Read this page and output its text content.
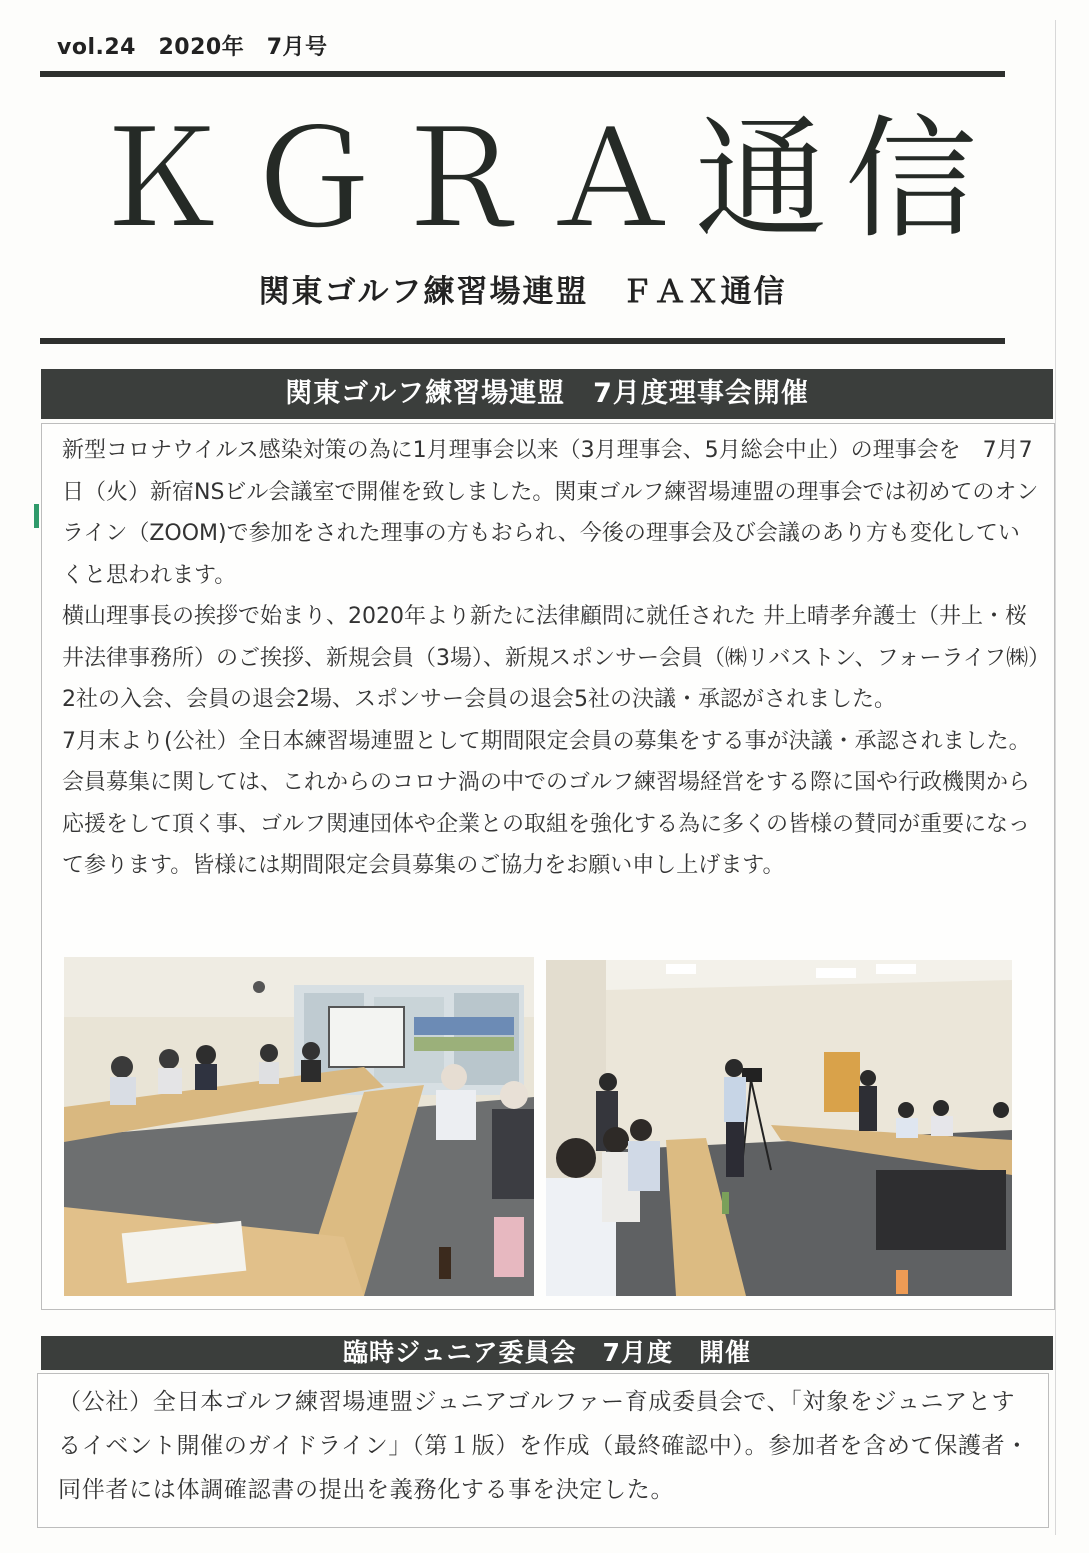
vol.24　2020年　7月号
ＫＧＲＡ通信
関東ゴルフ練習場連盟　ＦＡＸ通信
関東ゴルフ練習場連盟　7月度理事会開催

新型コロナウイルス感染対策の為に1月理事会以来（3月理事会、5月総会中止）の理事会を　7月7日（火）新宿NSビル会議室で開催を致しました。関東ゴルフ練習場連盟の理事会では初めてのオンライン（ZOOM)で参加をされた理事の方もおられ、今後の理事会及び会議のあり方も変化していくと思われます。

横山理事長の挨拶で始まり、2020年より新たに法律顧問に就任された 井上晴孝弁護士（井上・桜井法律事務所）のご挨拶、新規会員（3場）、新規スポンサー会員（㈱リバストン、フォーライフ㈱）2社の入会、会員の退会2場、スポンサー会員の退会5社の決議・承認がされました。

7月末より(公社）全日本練習場連盟として期間限定会員の募集をする事が決議・承認されました。会員募集に関しては、これからのコロナ渦の中でのゴルフ練習場経営をする際に国や行政機関から応援をして頂く事、ゴルフ関連団体や企業との取組を強化する為に多くの皆様の賛同が重要になって参ります。皆様には期間限定会員募集のご協力をお願い申し上げます。

臨時ジュニア委員会　7月度　開催

（公社）全日本ゴルフ練習場連盟ジュニアゴルファー育成委員会で、「対象をジュニアとするイベント開催のガイドライン」（第１版）を作成（最終確認中）。参加者を含めて保護者・同伴者には体調確認書の提出を義務化する事を決定した。
